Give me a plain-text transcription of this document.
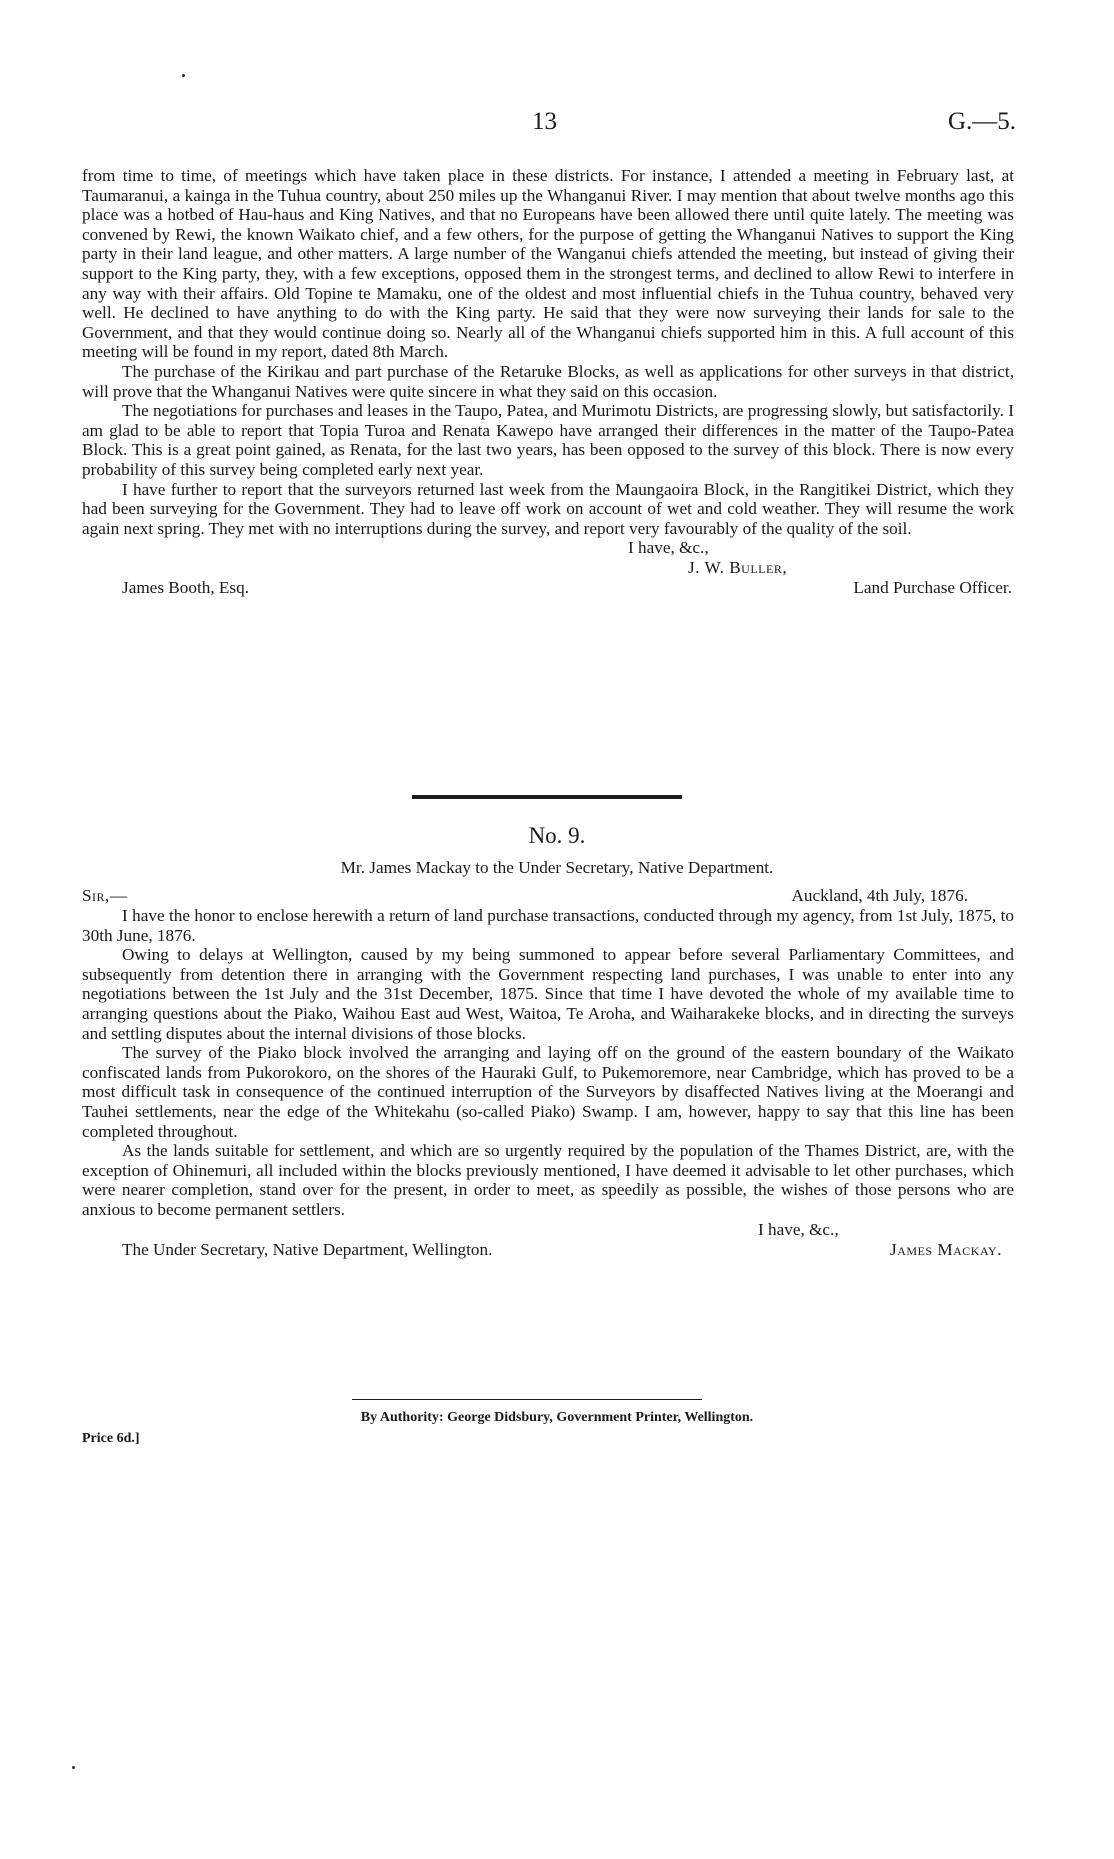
13	G.—5.

from time to time, of meetings which have taken place in these districts. For instance, I attended a meeting in February last, at Taumaranui, a kainga in the Tuhua country, about 250 miles up the Whanganui River. I may mention that about twelve months ago this place was a hotbed of Hau-haus and King Natives, and that no Europeans have been allowed there until quite lately. The meeting was convened by Rewi, the known Waikato chief, and a few others, for the purpose of getting the Whanganui Natives to support the King party in their land league, and other matters. A large number of the Wanganui chiefs attended the meeting, but instead of giving their support to the King party, they, with a few exceptions, opposed them in the strongest terms, and declined to allow Rewi to interfere in any way with their affairs. Old Topine te Mamaku, one of the oldest and most influential chiefs in the Tuhua country, behaved very well. He declined to have anything to do with the King party. He said that they were now surveying their lands for sale to the Government, and that they would continue doing so. Nearly all of the Whanganui chiefs supported him in this. A full account of this meeting will be found in my report, dated 8th March.

The purchase of the Kirikau and part purchase of the Retaruke Blocks, as well as applications for other surveys in that district, will prove that the Whanganui Natives were quite sincere in what they said on this occasion.

The negotiations for purchases and leases in the Taupo, Patea, and Murimotu Districts, are progressing slowly, but satisfactorily. I am glad to be able to report that Topia Turoa and Renata Kawepo have arranged their differences in the matter of the Taupo-Patea Block. This is a great point gained, as Renata, for the last two years, has been opposed to the survey of this block. There is now every probability of this survey being completed early next year.

I have further to report that the surveyors returned last week from the Maungaoira Block, in the Rangitikei District, which they had been surveying for the Government. They had to leave off work on account of wet and cold weather. They will resume the work again next spring. They met with no interruptions during the survey, and report very favourably of the quality of the soil.

I have, &c.,
J. W. Buller,
James Booth, Esq.	Land Purchase Officer.
No. 9.
Mr. James Mackay to the Under Secretary, Native Department.
Sir,—	Auckland, 4th July, 1876.

I have the honor to enclose herewith a return of land purchase transactions, conducted through my agency, from 1st July, 1875, to 30th June, 1876.

Owing to delays at Wellington, caused by my being summoned to appear before several Parliamentary Committees, and subsequently from detention there in arranging with the Government respecting land purchases, I was unable to enter into any negotiations between the 1st July and the 31st December, 1875. Since that time I have devoted the whole of my available time to arranging questions about the Piako, Waihou East aud West, Waitoa, Te Aroha, and Waiharakeke blocks, and in directing the surveys and settling disputes about the internal divisions of those blocks.

The survey of the Piako block involved the arranging and laying off on the ground of the eastern boundary of the Waikato confiscated lands from Pukorokoro, on the shores of the Hauraki Gulf, to Pukemoremore, near Cambridge, which has proved to be a most difficult task in consequence of the continued interruption of the Surveyors by disaffected Natives living at the Moerangi and Tauhei settlements, near the edge of the Whitekahu (so-called Piako) Swamp. I am, however, happy to say that this line has been completed throughout.

As the lands suitable for settlement, and which are so urgently required by the population of the Thames District, are, with the exception of Ohinemuri, all included within the blocks previously mentioned, I have deemed it advisable to let other purchases, which were nearer completion, stand over for the present, in order to meet, as speedily as possible, the wishes of those persons who are anxious to become permanent settlers.

I have, &c.,
The Under Secretary, Native Department, Wellington.	James Mackay.
By Authority: George Didsbury, Government Printer, Wellington.
Price 6d.]
